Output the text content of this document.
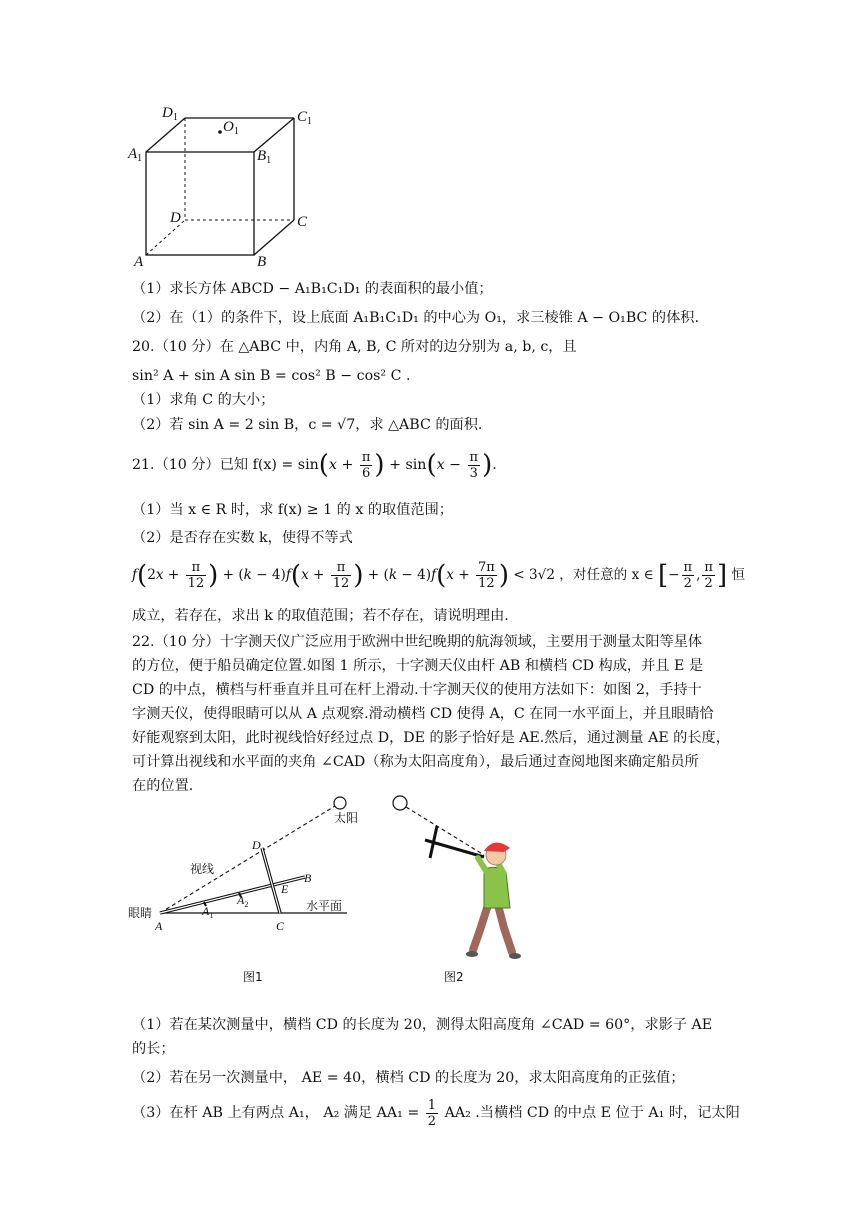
$D_1$	$C_1$
$O_1$
$A_1$	$B_1$
D	C
A	B
（1）求长方体 ABCD − A₁B₁C₁D₁ 的表面积的最小值；
（2）在（1）的条件下，设上底面 A₁B₁C₁D₁ 的中心为 O₁，求三棱锥 A − O₁BC 的体积.
20.（10 分）在 △ABC 中，内角 A, B, C 所对的边分别为 a, b, c，且
sin² A + sin A sin B = cos² B − cos² C .
（1）求角 C 的大小；
（2）若 sin A = 2 sin B，c = √7，求 △ABC 的面积.
21.（10 分）已知 $f(x) = \sin(x + \frac{\pi}{6}$ ) + $\sin(x - \frac{\pi}{3}$ ).
（1）当 x ∈ R 时，求 f(x) ≥ 1 的 x 的取值范围；
（2）是否存在实数 k，使得不等式
$f(2x + \frac{\pi}{12}$ ) + $(k - 4)f(x + \frac{\pi}{12}$ ) + $(k - 4)f(x + \frac{7\pi}{12}$ ) < 3√2 ，对任意的 x ∈ [− $\frac{\pi}{2}$ , $\frac{\pi}{2}$ ] 恒
成立，若存在，求出 k 的取值范围；若不存在，请说明理由.
22.（10 分）十字测天仪广泛应用于欧洲中世纪晚期的航海领域，主要用于测量太阳等星体
的方位，便于船员确定位置.如图 1 所示，十字测天仪由杆 AB 和横档 CD 构成，并且 E 是
CD 的中点，横档与杆垂直并且可在杆上滑动.十字测天仪的使用方法如下：如图 2，手持十
字测天仪，使得眼睛可以从 A 点观察.滑动横档 CD 使得 A，C 在同一水平面上，并且眼睛恰
好能观察到太阳，此时视线恰好经过点 D，DE 的影子恰好是 AE.然后，通过测量 AE 的长度，
可计算出视线和水平面的夹角 ∠CAD（称为太阳高度角），最后通过查阅地图来确定船员所
在的位置.
太阳
视线
眼睛	水平面
D
B
E
$A_1$
$A_2$
A	C
图1	图2
（1）若在某次测量中，横档 CD 的长度为 20，测得太阳高度角 ∠CAD = 60°，求影子 AE
的长；
（2）若在另一次测量中， AE = 40，横档 CD 的长度为 20，求太阳高度角的正弦值；
（3）在杆 AB 上有两点 A₁， A₂ 满足 $AA_1 = \frac{1}{2} AA_2$ .当横档 CD 的中点 E 位于 A₁ 时，记太阳
